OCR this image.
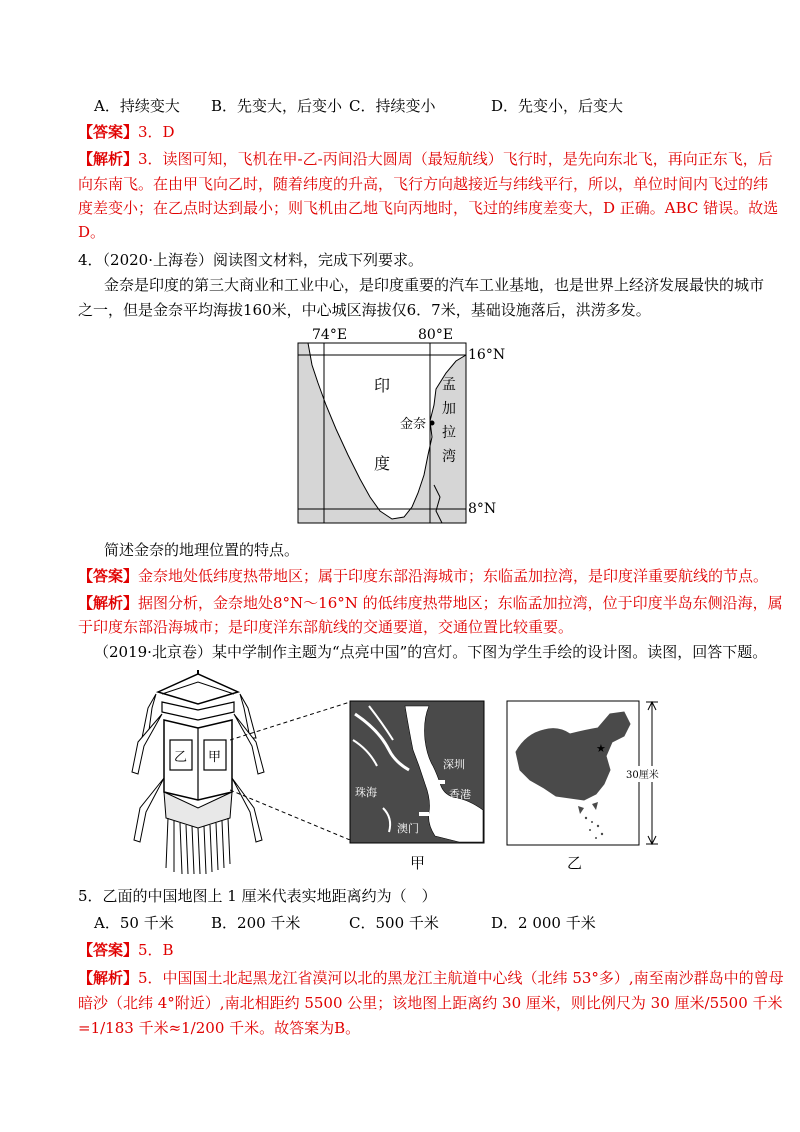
A．持续变大 B．先变大，后变小 C．持续变小	D．先变小，后变大
【答案】3．D
【解析】3．读图可知，飞机在甲-乙-丙间沿大圆周（最短航线）飞行时，是先向东北飞，再向正东飞，后
向东南飞。在由甲飞向乙时，随着纬度的升高，飞行方向越接近与纬线平行，所以，单位时间内飞过的纬
度差变小；在乙点时达到最小；则飞机由乙地飞向丙地时，飞过的纬度差变大，D 正确。ABC 错误。故选
D。
4．（2020·上海卷）阅读图文材料，完成下列要求。
金奈是印度的第三大商业和工业中心，是印度重要的汽车工业基地，也是世界上经济发展最快的城市
之一，但是金奈平均海拔160米，中心城区海拔仅6．7米，基础设施落后，洪涝多发。
74°E	80°E
16°N
8°N
印
度
金奈
孟
加
拉
湾
简述金奈的地理位置的特点。
【答案】金奈地处低纬度热带地区；属于印度东部沿海城市；东临孟加拉湾，是印度洋重要航线的节点。
【解析】据图分析，金奈地处8°N～16°N 的低纬度热带地区；东临孟加拉湾，位于印度半岛东侧沿海，属
于印度东部沿海城市；是印度洋东部航线的交通要道，交通位置比较重要。
（2019·北京卷）某中学制作主题为“点亮中国”的宫灯。下图为学生手绘的设计图。读图，回答下题。
乙 甲	深圳
珠海	香港
澳门
甲
★
30厘米
乙
5．乙面的中国地图上 1 厘米代表实地距离约为（　）
A．50 千米 B．200 千米	C．500 千米	D．2 000 千米
【答案】5．B
【解析】5．中国国土北起黑龙江省漠河以北的黑龙江主航道中心线（北纬 53°多）,南至南沙群岛中的曾母
暗沙（北纬 4°附近）,南北相距约 5500 公里；该地图上距离约 30 厘米，则比例尺为 30 厘米/5500 千米
=1/183 千米≈1/200 千米。故答案为B。
